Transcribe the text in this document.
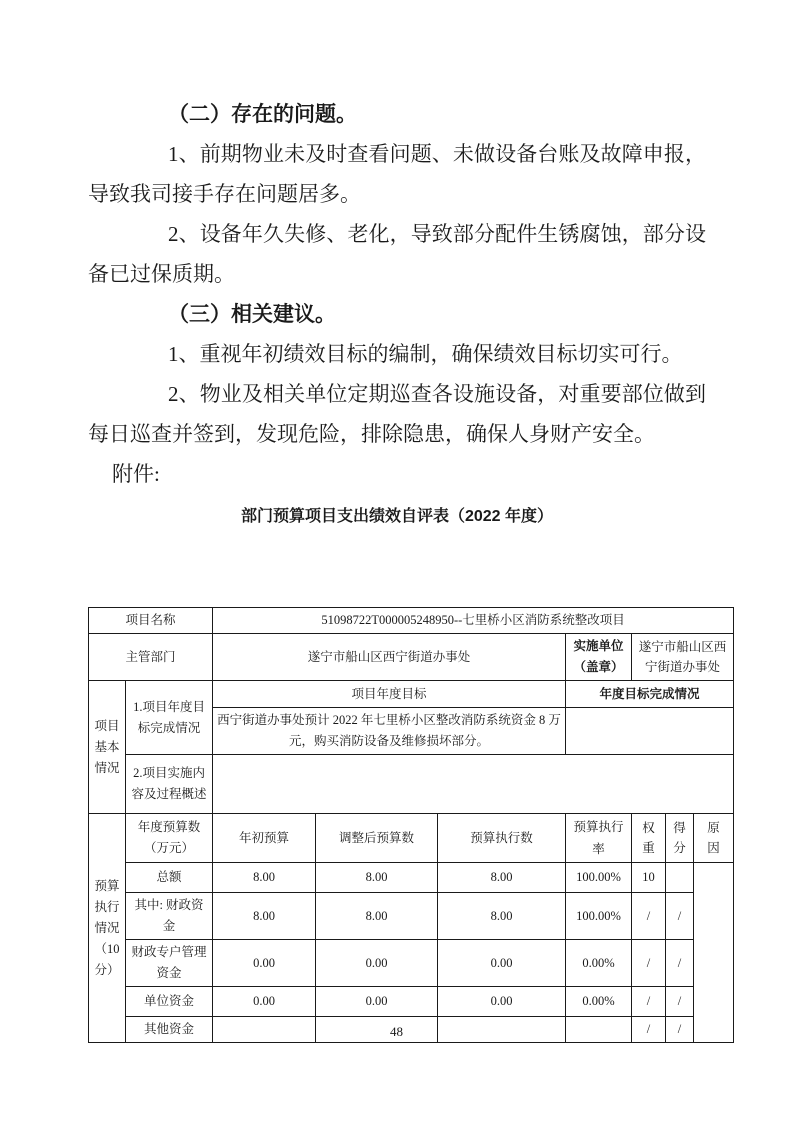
（二）存在的问题。

1、前期物业未及时查看问题、未做设备台账及故障申报，导致我司接手存在问题居多。

2、设备年久失修、老化，导致部分配件生锈腐蚀，部分设备已过保质期。

（三）相关建议。

1、重视年初绩效目标的编制，确保绩效目标切实可行。

2、物业及相关单位定期巡查各设施设备，对重要部位做到每日巡查并签到，发现危险，排除隐患，确保人身财产安全。

附件:

部门预算项目支出绩效自评表（2022 年度）
项目名称		51098722T000005248950--七里桥小区消防系统整改项目						
主管部门		遂宁市船山区西宁街道办事处			实施单位（盖章）	遂宁市船山区西宁街道办事处		
项目基本情况	1.项目年度目标完成情况	项目年度目标			年度目标完成情况			
		西宁街道办事处预计 2022 年七里桥小区整改消防系统资金 8 万元，购买消防设备及维修损坏部分。						
	2.项目实施内容及过程概述							
预算执行情况（10分）	年度预算数（万元）	年初预算	调整后预算数	预算执行数	预算执行率	权重	得分	原因
	总额	8.00	8.00	8.00	100.00%	10		
	其中: 财政资金	8.00	8.00	8.00	100.00%	/	/	
	财政专户管理资金	0.00	0.00	0.00	0.00%	/	/	
	单位资金	0.00	0.00	0.00	0.00%	/	/	
	其他资金					/	/	
48
